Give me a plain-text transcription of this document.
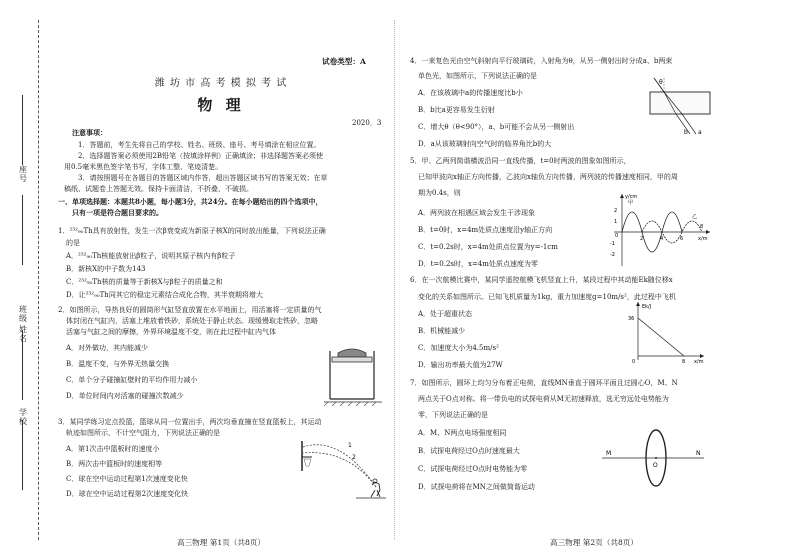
座号
班级
姓名
学校
试卷类型：A
潍 坊 市 高 考 模 拟 考 试
物 理
2020．3
注意事项：
1．答题前，考生先将自己的学校、姓名、班级、座号、考号填涂在相应位置。
2．选择题答案必须使用2B铅笔（按填涂样例）正确填涂；非选择题答案必须使
用0.5毫米黑色签字笔书写，字体工整、笔迹清楚。
3．请按照题号在各题目的答题区域内作答，超出答题区域书写的答案无效；在草
稿纸、试题卷上答题无效。保持卡面清洁，不折叠、不破损。
一、单项选择题：本题共8小题，每小题3分，共24分。在每小题给出的四个选项中，
只有一项是符合题目要求的。
1．²³²₉₀Th具有放射性，发生一次β衰变成为新原子核X的同时放出能量，下列说法正确
的是
A．²³²₉₀Th核能放射出β粒子，说明其原子核内有β粒子
B．新核X的中子数为143
C．²³²₉₀Th核的质量等于新核X与β粒子的质量之和
D．让²³²₉₀Th同其它的稳定元素结合成化合物，其半衰期将增大
2．如图所示，导热良好的圆筒形气缸竖直放置在水平地面上，用活塞将一定质量的气
体封闭在气缸内，活塞上堆放着铁砂，系统处于静止状态。现缓慢取走铁砂，忽略
活塞与气缸之间的摩擦，外界环境温度不变，则在此过程中缸内气体
A．对外做功，其内能减少
B．温度不变，与外界无热量交换
C．单个分子碰撞缸壁时的平均作用力减小
D．单位时间内对活塞的碰撞次数减少
3．某同学练习定点投篮，篮球从同一位置出手，两次均垂直撞在竖直篮板上，其运动
轨迹如图所示，不计空气阻力，下列说法正确的是
A．第1次击中篮板时的速度小
B．两次击中篮板时的速度相等
C．球在空中运动过程第1次速度变化快
D．球在空中运动过程第2次速度变化快
1
2
高三物理 第1页（共8页）
4．一束复色光由空气斜射向平行玻璃砖，入射角为θ，从另一侧射出时分成a、b两束
单色光，如图所示，下列说法正确的是
A．在该玻璃中a的传播速度比b小
B．b比a更容易发生衍射
C．增大θ（θ<90°），a、b可能不会从另一侧射出
D．a从该玻璃射向空气时的临界角比b的大
θ
a
b
5．甲、乙两列简谐横波沿同一直线传播，t=0时两波的图象如图所示，
已知甲波向x轴正方向传播，乙波向x轴负方向传播，两列波的传播速度相同，甲的周
期为0.4s，则
A．两列波在相遇区域会发生干涉现象
B．t=0时，x=4m处质点速度沿y轴正方向
C．t=0.2s时，x=4m处质点位置为y=-1cm
D．t=0.2s时，x=4m处质点速度为零
y/cm
2
1
0
-1
-2
x/m
甲
乙
2	4	6
8
6．在一次航模比赛中，某同学遥控航模飞机竖直上升，某段过程中其动能Ek随位移x
变化的关系如图所示。已知飞机质量为1kg，重力加速度g=10m/s²，此过程中飞机
A．处于超重状态
B．机械能减少
C．加速度大小为4.5m/s²
D．输出功率最大值为27W
Ek/J
36
0	8 x/m
7．如图所示，圆环上均匀分布着正电荷，直线MN垂直于圆环平面且过圆心O，M、N
两点关于O点对称。将一带负电的试探电荷从M无初速释放，选无穷远处电势能为
零，下列说法正确的是
A．M、N两点电场强度相同
B．试探电荷经过O点时速度最大
C．试探电荷经过O点时电势能为零
D．试探电荷将在MN之间做简谐运动
M
O
N
高三物理 第2页（共8页）
